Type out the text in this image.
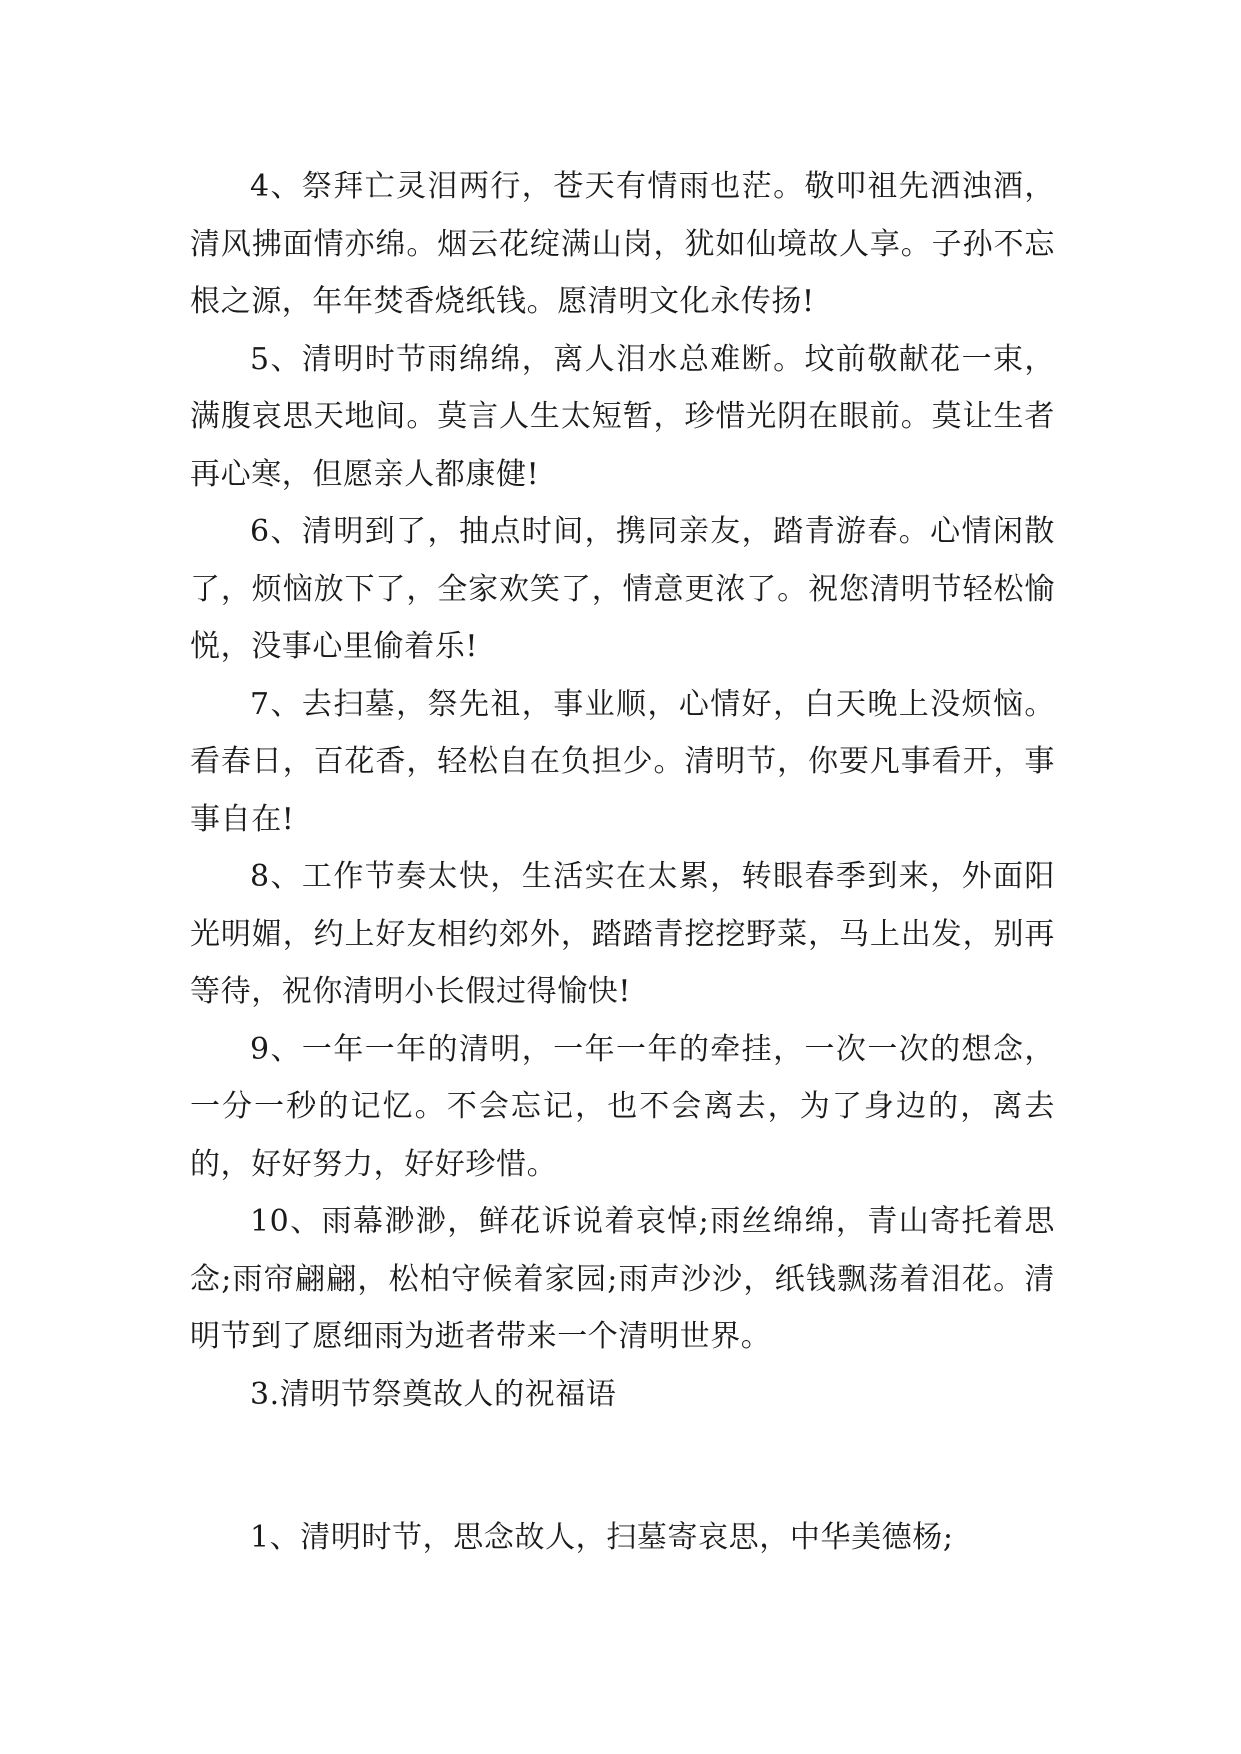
4、祭拜亡灵泪两行，苍天有情雨也茫。敬叩祖先洒浊酒，清风拂面情亦绵。烟云花绽满山岗，犹如仙境故人享。子孙不忘根之源，年年焚香烧纸钱。愿清明文化永传扬!

5、清明时节雨绵绵，离人泪水总难断。坟前敬献花一束，满腹哀思天地间。莫言人生太短暂，珍惜光阴在眼前。莫让生者再心寒，但愿亲人都康健!

6、清明到了，抽点时间，携同亲友，踏青游春。心情闲散了，烦恼放下了，全家欢笑了，情意更浓了。祝您清明节轻松愉悦，没事心里偷着乐!

7、去扫墓，祭先祖，事业顺，心情好，白天晚上没烦恼。看春日，百花香，轻松自在负担少。清明节，你要凡事看开，事事自在!

8、工作节奏太快，生活实在太累，转眼春季到来，外面阳光明媚，约上好友相约郊外，踏踏青挖挖野菜，马上出发，别再等待，祝你清明小长假过得愉快!

9、一年一年的清明，一年一年的牵挂，一次一次的想念，一分一秒的记忆。不会忘记，也不会离去，为了身边的，离去的，好好努力，好好珍惜。

10、雨幕渺渺，鲜花诉说着哀悼;雨丝绵绵，青山寄托着思念;雨帘翩翩，松柏守候着家园;雨声沙沙，纸钱飘荡着泪花。清明节到了愿细雨为逝者带来一个清明世界。

3.清明节祭奠故人的祝福语

1、清明时节，思念故人，扫墓寄哀思，中华美德杨;
